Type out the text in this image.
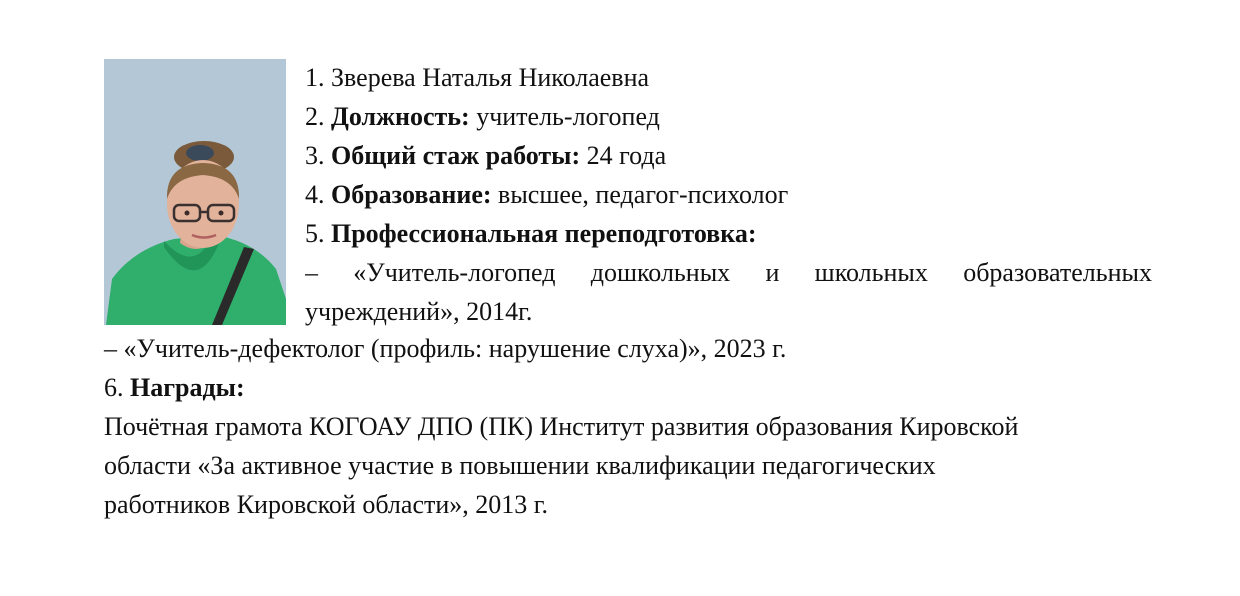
1. Зверева Наталья Николаевна
2. Должность: учитель-логопед
3. Общий стаж работы: 24 года
4. Образование: высшее, педагог-психолог
5. Профессиональная переподготовка:
– «Учитель-логопед дошкольных и школьных образовательных
учреждений», 2014г.
– «Учитель-дефектолог (профиль: нарушение слуха)», 2023 г.
6. Награды:
Почётная грамота КОГОАУ ДПО (ПК) Институт развития образования Кировской
области «За активное участие в повышении квалификации педагогических
работников Кировской области», 2013 г.
